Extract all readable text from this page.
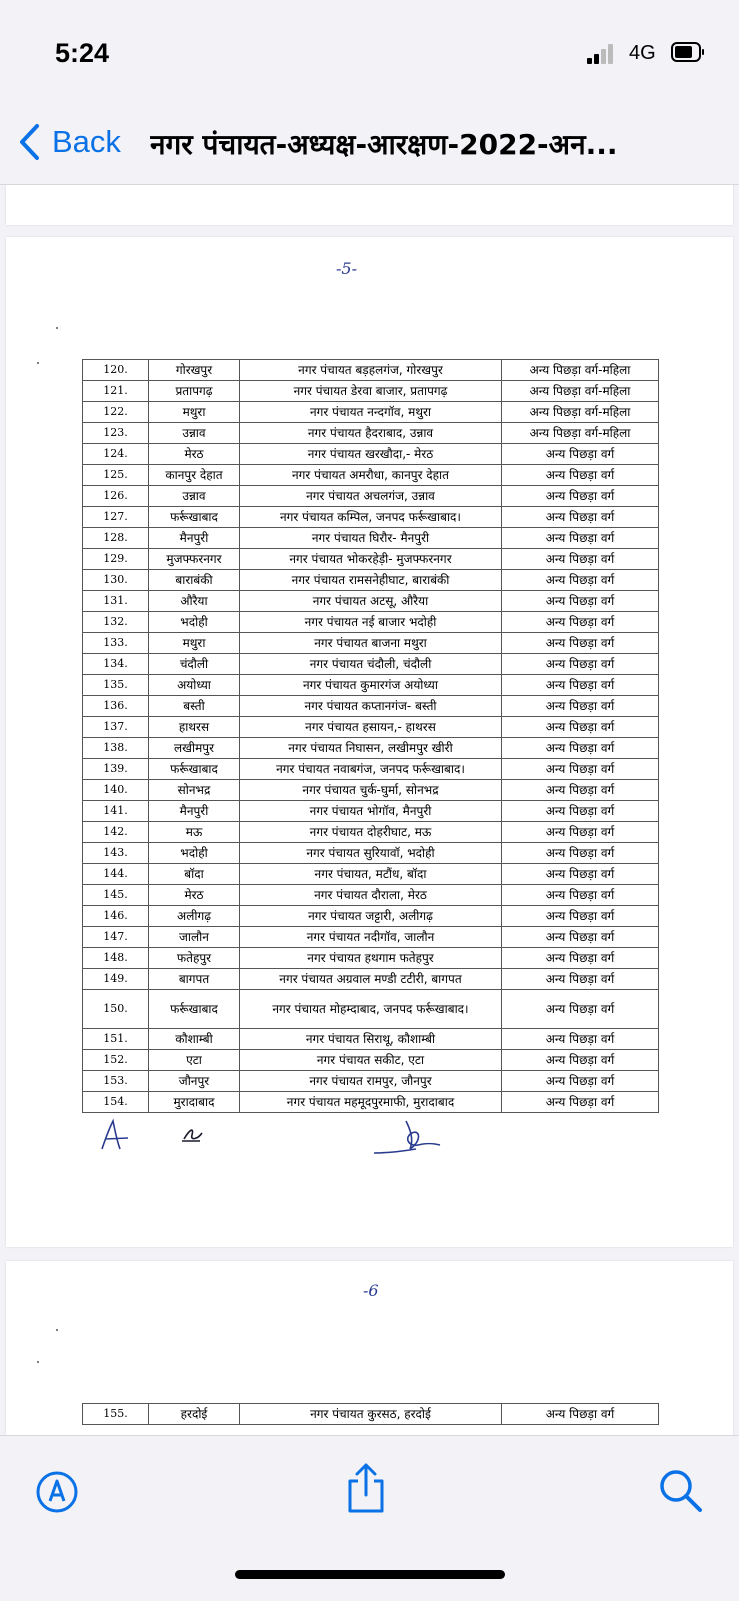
5:24	4G
Back नगर पंचायत-अध्यक्ष-आरक्षण-2022-अन...
-5-
120.	गोरखपुर	नगर पंचायत बड़हलगंज, गोरखपुर	अन्य पिछड़ा वर्ग-महिला
121.	प्रतापगढ़	नगर पंचायत डेरवा बाजार, प्रतापगढ़	अन्य पिछड़ा वर्ग-महिला
122.	मथुरा	नगर पंचायत नन्दगॉव, मथुरा	अन्य पिछड़ा वर्ग-महिला
123.	उन्नाव	नगर पंचायत हैदराबाद, उन्नाव	अन्य पिछड़ा वर्ग-महिला
124.	मेरठ	नगर पंचायत खरखौदा,- मेरठ	अन्य पिछड़ा वर्ग
125.	कानपुर देहात	नगर पंचायत अमरौधा, कानपुर देहात	अन्य पिछड़ा वर्ग
126.	उन्नाव	नगर पंचायत अचलगंज, उन्नाव	अन्य पिछड़ा वर्ग
127.	फर्रूखाबाद	नगर पंचायत कम्पिल, जनपद फर्रूखाबाद।	अन्य पिछड़ा वर्ग
128.	मैनपुरी	नगर पंचायत घिरौर- मैनपुरी	अन्य पिछड़ा वर्ग
129.	मुजफ्फरनगर	नगर पंचायत भोकरहेड़ी- मुजफ्फरनगर	अन्य पिछड़ा वर्ग
130.	बाराबंकी	नगर पंचायत रामसनेहीघाट, बाराबंकी	अन्य पिछड़ा वर्ग
131.	औरैया	नगर पंचायत अटसू, औरैया	अन्य पिछड़ा वर्ग
132.	भदोही	नगर पंचायत नई बाजार भदोही	अन्य पिछड़ा वर्ग
133.	मथुरा	नगर पंचायत बाजना मथुरा	अन्य पिछड़ा वर्ग
134.	चंदौली	नगर पंचायत चंदौली, चंदौली	अन्य पिछड़ा वर्ग
135.	अयोध्या	नगर पंचायत कुमारगंज अयोध्या	अन्य पिछड़ा वर्ग
136.	बस्ती	नगर पंचायत कप्तानगंज- बस्ती	अन्य पिछड़ा वर्ग
137.	हाथरस	नगर पंचायत हसायन,- हाथरस	अन्य पिछड़ा वर्ग
138.	लखीमपुर	नगर पंचायत निघासन, लखीमपुर खीरी	अन्य पिछड़ा वर्ग
139.	फर्रूखाबाद	नगर पंचायत नवाबगंज, जनपद फर्रूखाबाद।	अन्य पिछड़ा वर्ग
140.	सोनभद्र	नगर पंचायत चुर्क-घुर्मा, सोनभद्र	अन्य पिछड़ा वर्ग
141.	मैनपुरी	नगर पंचायत भोगॉव, मैनपुरी	अन्य पिछड़ा वर्ग
142.	मऊ	नगर पंचायत दोहरीघाट, मऊ	अन्य पिछड़ा वर्ग
143.	भदोही	नगर पंचायत सुरियावॉ, भदोही	अन्य पिछड़ा वर्ग
144.	बॉदा	नगर पंचायत, मटौंध, बॉदा	अन्य पिछड़ा वर्ग
145.	मेरठ	नगर पंचायत दौराला, मेरठ	अन्य पिछड़ा वर्ग
146.	अलीगढ़	नगर पंचायत जट्टारी, अलीगढ़	अन्य पिछड़ा वर्ग
147.	जालौन	नगर पंचायत नदीगॉव, जालौन	अन्य पिछड़ा वर्ग
148.	फतेहपुर	नगर पंचायत हथगाम फतेहपुर	अन्य पिछड़ा वर्ग
149.	बागपत	नगर पंचायत अग्रवाल मण्डी टटीरी, बागपत	अन्य पिछड़ा वर्ग
150.	फर्रूखाबाद	नगर पंचायत मोहम्दाबाद, जनपद फर्रूखाबाद।	अन्य पिछड़ा वर्ग
151.	कौशाम्बी	नगर पंचायत सिराथू, कौशाम्बी	अन्य पिछड़ा वर्ग
152.	एटा	नगर पंचायत सकीट, एटा	अन्य पिछड़ा वर्ग
153.	जौनपुर	नगर पंचायत रामपुर, जौनपुर	अन्य पिछड़ा वर्ग
154.	मुरादाबाद	नगर पंचायत महमूदपुरमाफी, मुरादाबाद	अन्य पिछड़ा वर्ग
-6
155.	हरदोई	नगर पंचायत कुरसठ, हरदोई	अन्य पिछड़ा वर्ग
